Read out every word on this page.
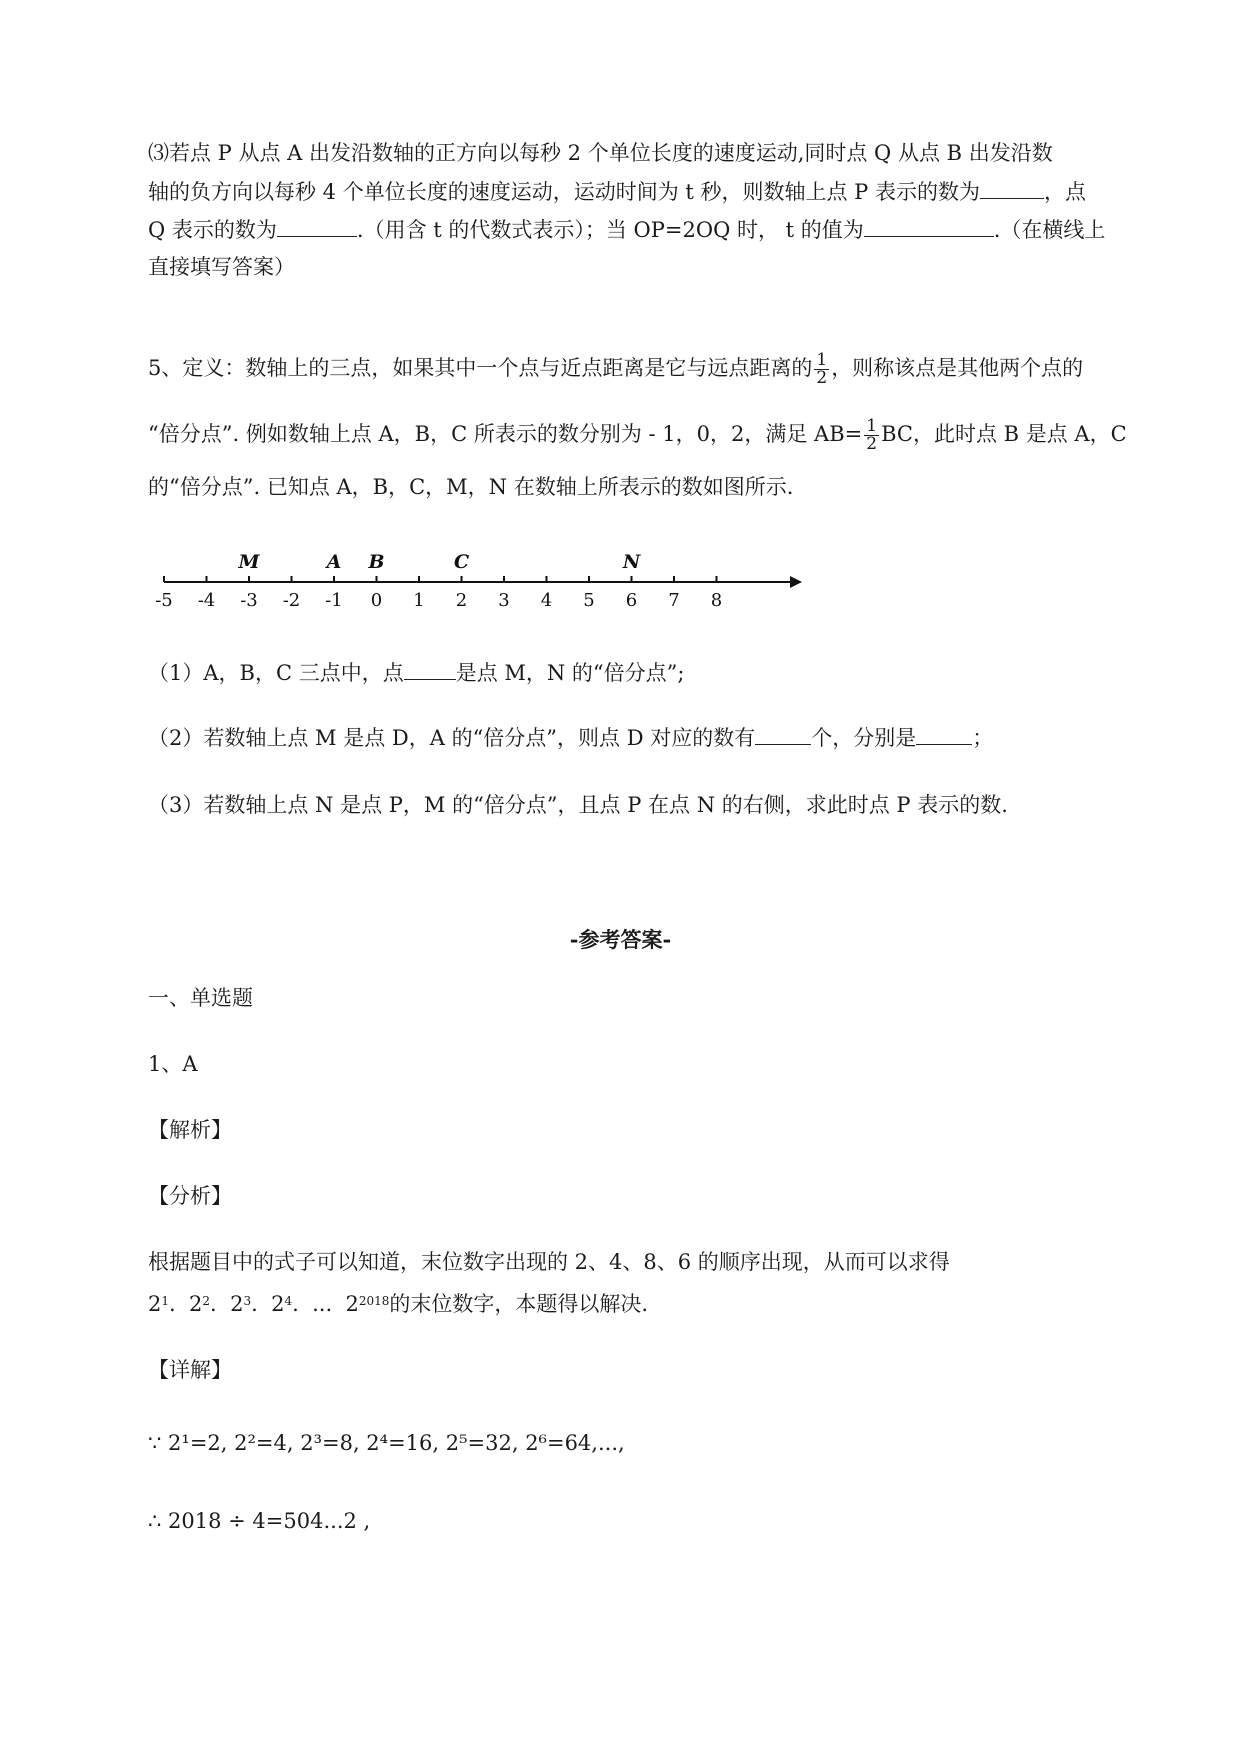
⑶若点 P 从点 A 出发沿数轴的正方向以每秒 2 个单位长度的速度运动,同时点 Q 从点 B 出发沿数
轴的负方向以每秒 4 个单位长度的速度运动，运动时间为 t 秒，则数轴上点 P 表示的数为	，点
Q 表示的数为	.（用含 t 的代数式表示）；当 OP=2OQ 时， t 的值为	.（在横线上
直接填写答案）
5、定义：数轴上的三点，如果其中一个点与近点距离是它与远点距离的 $\frac{1}{2}$ ，则称该点是其他两个点的
“倍分点”. 例如数轴上点 A，B，C 所表示的数分别为 - 1，0，2，满足 $AB= \frac{1}{2}$ BC，此时点 B 是点 A，C
的“倍分点”. 已知点 A，B，C，M，N 在数轴上所表示的数如图所示.
-5 -4 -3 -2 -1 0 1 2 3 4 5 6 7 8
M	A B	C	N
（1）A，B，C 三点中，点 是点 M，N 的“倍分点”;
（2）若数轴上点 M 是点 D，A 的“倍分点”，则点 D 对应的数有	个，分别是	；
（3）若数轴上点 N 是点 P，M 的“倍分点”，且点 P 在点 N 的右侧，求此时点 P 表示的数.
-参考答案-
一、单选题
1、A
【解析】
【分析】
根据题目中的式子可以知道，末位数字出现的 2、4、8、6 的顺序出现，从而可以求得
$2^1$.  $2^2$.  $2^3$.  $2^4$.  ...  $2^{2018}$的末位数字，本题得以解决.
【详解】
∵ 2¹=2, 2²=4, 2³=8, 2⁴=16, 2⁵=32, 2⁶=64,...,
∴ 2018 ÷ 4=504...2 ,
